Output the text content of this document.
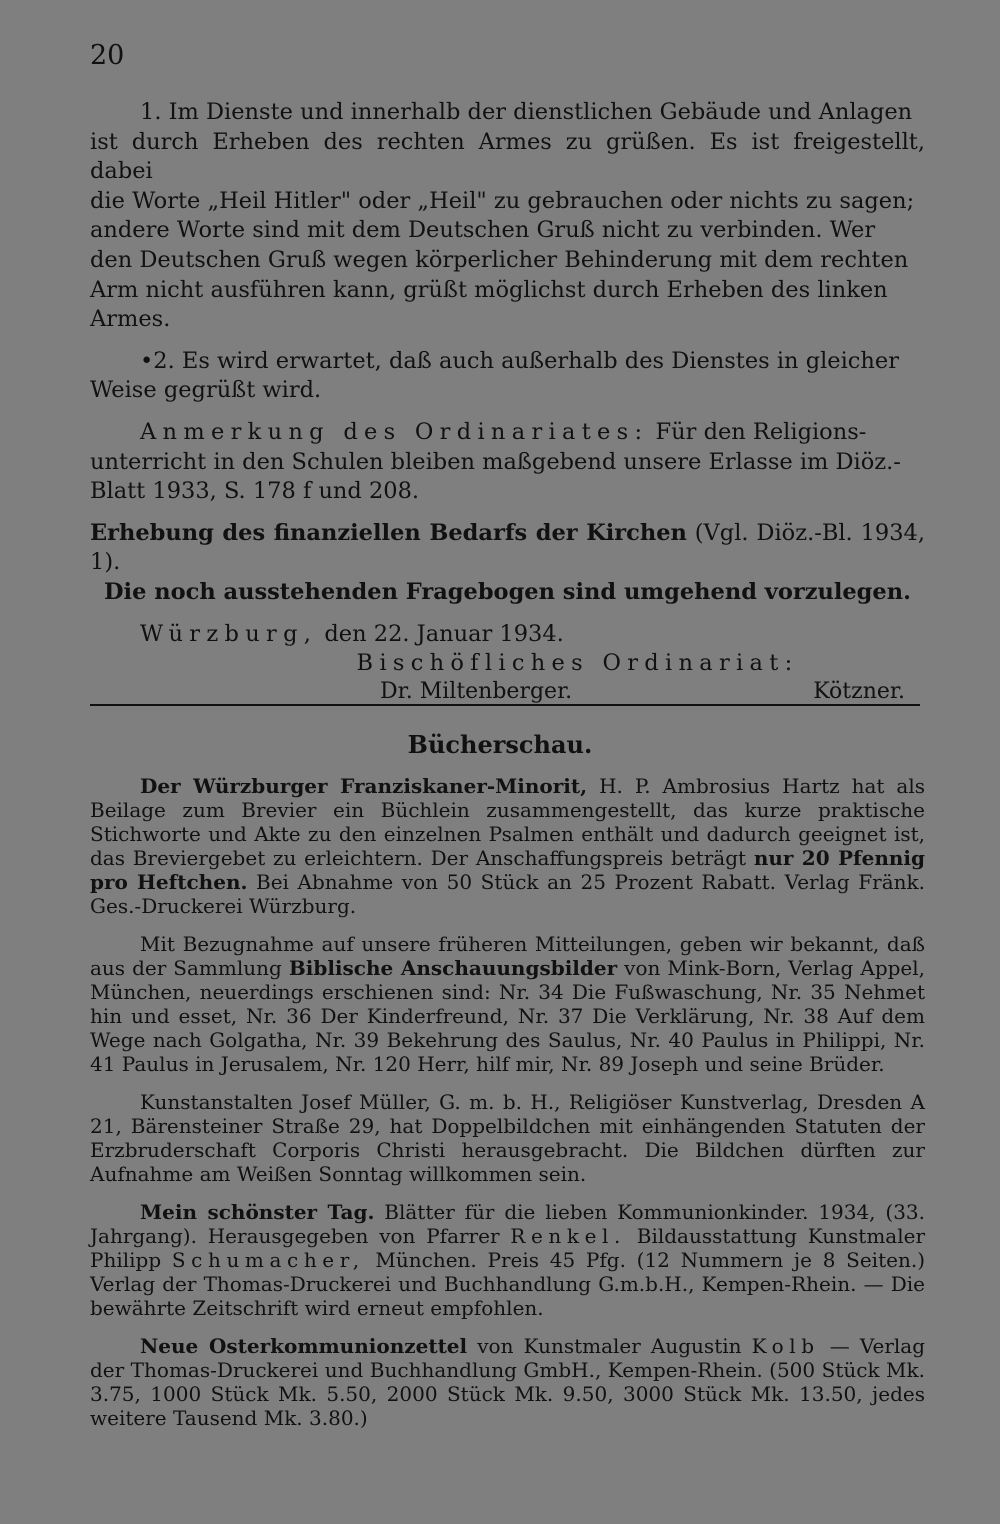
20

1. Im Dienste und innerhalb der dienstlichen Gebäude und Anlagen

ist durch Erheben des rechten Armes zu grüßen. Es ist freigestellt, dabei

die Worte „Heil Hitler" oder „Heil" zu gebrauchen oder nichts zu sagen;

andere Worte sind mit dem Deutschen Gruß nicht zu verbinden. Wer

den Deutschen Gruß wegen körperlicher Behinderung mit dem rechten

Arm nicht ausführen kann, grüßt möglichst durch Erheben des linken

Armes.

•2. Es wird erwartet, daß auch außerhalb des Dienstes in gleicher

Weise gegrüßt wird.

Anmerkung des Ordinariates: Für den Religions-

unterricht in den Schulen bleiben maßgebend unsere Erlasse im Diöz.-

Blatt 1933, S. 178 f und 208.

Erhebung des finanziellen Bedarfs der Kirchen (Vgl. Diöz.-Bl. 1934, 1).

Die noch ausstehenden Fragebogen sind umgehend vorzulegen.

Würzburg, den 22. Januar 1934.

Bischöfliches Ordinariat:

Dr. Miltenberger.	Kötzner.
Bücherschau.

Der Würzburger Franziskaner-Minorit, H. P. Ambrosius Hartz hat als Beilage zum Brevier ein Büchlein zusammengestellt, das kurze praktische Stichworte und Akte zu den einzelnen Psalmen enthält und dadurch geeignet ist, das Breviergebet zu erleichtern. Der Anschaffungspreis beträgt nur 20 Pfennig pro Heftchen. Bei Abnahme von 50 Stück an 25 Prozent Rabatt. Verlag Fränk. Ges.-Druckerei Würzburg.

Mit Bezugnahme auf unsere früheren Mitteilungen, geben wir bekannt, daß aus der Sammlung Biblische Anschauungsbilder von Mink-Born, Verlag Appel, München, neuerdings erschienen sind: Nr. 34 Die Fußwaschung, Nr. 35 Nehmet hin und esset, Nr. 36 Der Kinderfreund, Nr. 37 Die Verklärung, Nr. 38 Auf dem Wege nach Golgatha, Nr. 39 Bekehrung des Saulus, Nr. 40 Paulus in Philippi, Nr. 41 Paulus in Jerusalem, Nr. 120 Herr, hilf mir, Nr. 89 Joseph und seine Brüder.

Kunstanstalten Josef Müller, G. m. b. H., Religiöser Kunstverlag, Dresden A 21, Bärensteiner Straße 29, hat Doppelbildchen mit einhängenden Statuten der Erzbruderschaft Corporis Christi herausgebracht. Die Bildchen dürften zur Aufnahme am Weißen Sonntag willkommen sein.

Mein schönster Tag. Blätter für die lieben Kommunionkinder. 1934, (33. Jahrgang). Herausgegeben von Pfarrer Renkel. Bildausstattung Kunstmaler Philipp Schumacher, München. Preis 45 Pfg. (12 Nummern je 8 Seiten.) Verlag der Thomas-Druckerei und Buchhandlung G.m.b.H., Kempen-Rhein. — Die bewährte Zeitschrift wird erneut empfohlen.

Neue Osterkommunionzettel von Kunstmaler Augustin Kolb — Verlag der Thomas-Druckerei und Buchhandlung GmbH., Kempen-Rhein. (500 Stück Mk. 3.75, 1000 Stück Mk. 5.50, 2000 Stück Mk. 9.50, 3000 Stück Mk. 13.50, jedes weitere Tausend Mk. 3.80.)
